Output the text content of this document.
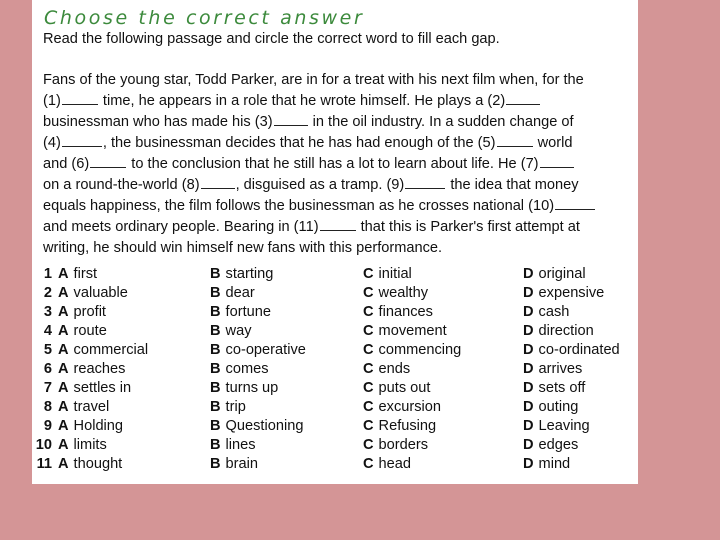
Choose the correct answer

Read the following passage and circle the correct word to fill each gap.

Fans of the young star, Todd Parker, are in for a treat with his next film when, for the
(1)	time, he appears in a role that he wrote himself. He plays a (2)
businessman who has made his (3) in the oil industry. In a sudden change of
(4)	, the businessman decides that he has had enough of the (5)	world
and (6)	to the conclusion that he still has a lot to learn about life. He (7)
on a round-the-world (8) , disguised as a tramp. (9)	the idea that money
equals happiness, the film follows the businessman as he crosses national (10)
and meets ordinary people. Bearing in (11)	that this is Parker's first attempt at
writing, he should win himself new fans with this performance.
1 A first	B starting	C initial	D original
2 A valuable	B dear	C wealthy	D expensive
3 A profit	B fortune	C finances	D cash
4 A route	B way	C movement	D direction
5 A commercial	B co-operative	C commencing	D co-ordinated
6 A reaches	B comes	C ends	D arrives
7 A settles in	B turns up	C puts out	D sets off
8 A travel	B trip	C excursion	D outing
9 A Holding	B Questioning	C Refusing	D Leaving
10 A limits	B lines	C borders	D edges
11 A thought	B brain	C head	D mind
